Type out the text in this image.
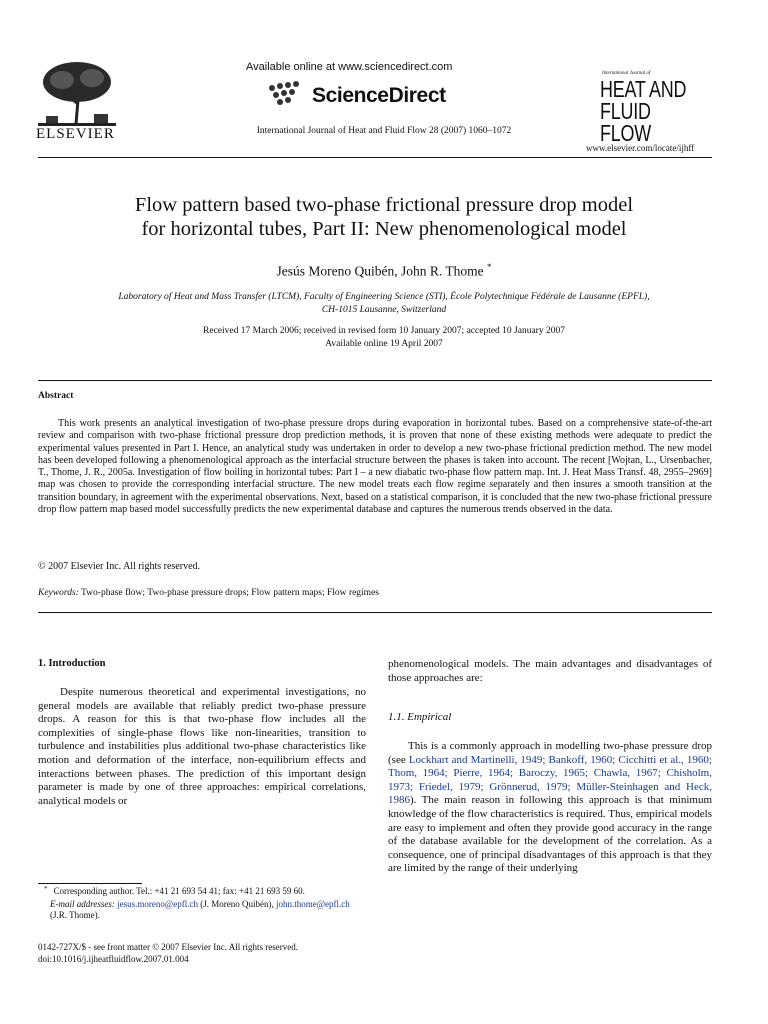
ELSEVIER
Available online at www.sciencedirect.com
ScienceDirect
International Journal of Heat and Fluid Flow 28 (2007) 1060–1072
International Journal of
HEAT AND
FLUID FLOW
www.elsevier.com/locate/ijhff
Flow pattern based two-phase frictional pressure drop model
for horizontal tubes, Part II: New phenomenological model
Jesús Moreno Quibén, John R. Thome *
Laboratory of Heat and Mass Transfer (LTCM), Faculty of Engineering Science (STI), École Polytechnique Fédérale de Lausanne (EPFL),
CH-1015 Lausanne, Switzerland
Received 17 March 2006; received in revised form 10 January 2007; accepted 10 January 2007
Available online 19 April 2007
Abstract

This work presents an analytical investigation of two-phase pressure drops during evaporation in horizontal tubes. Based on a comprehensive state-of-the-art review and comparison with two-phase frictional pressure drop prediction methods, it is proven that none of these existing methods were adequate to predict the experimental values presented in Part I. Hence, an analytical study was undertaken in order to develop a new two-phase frictional prediction method. The new model has been developed following a phenomenological approach as the interfacial structure between the phases is taken into account. The recent [Wojtan, L., Ursenbacher, T., Thome, J. R., 2005a. Investigation of flow boiling in horizontal tubes: Part I – a new diabatic two-phase flow pattern map. Int. J. Heat Mass Transf. 48, 2955–2969] map was chosen to provide the corresponding interfacial structure. The new model treats each flow regime separately and then insures a smooth transition at the transition boundary, in agreement with the experimental observations. Next, based on a statistical comparison, it is concluded that the new two-phase frictional pressure drop flow pattern map based model successfully predicts the new experimental database and captures the numerous trends observed in the data.

© 2007 Elsevier Inc. All rights reserved.
Keywords: Two-phase flow; Two-phase pressure drops; Flow pattern maps; Flow regimes
1. Introduction

Despite numerous theoretical and experimental investigations, no general models are available that reliably predict two-phase pressure drops. A reason for this is that two-phase flow includes all the complexities of single-phase flows like non-linearities, transition to turbulence and instabilities plus additional two-phase characteristics like motion and deformation of the interface, non-equilibrium effects and interactions between phases. The prediction of this important design parameter is made by one of three approaches: empirical correlations, analytical models or

* Corresponding author. Tel.: +41 21 693 54 41; fax: +41 21 693 59 60.
E-mail addresses: jesus.moreno@epfl.ch (J. Moreno Quibén), john.thome@epfl.ch (J.R. Thome).
0142-727X/$ - see front matter © 2007 Elsevier Inc. All rights reserved.
doi:10.1016/j.ijheatfluidflow.2007.01.004
phenomenological models. The main advantages and disadvantages of those approaches are:
1.1. Empirical

This is a commonly approach in modelling two-phase pressure drop (see Lockhart and Martinelli, 1949; Bankoff, 1960; Cicchitti et al., 1960; Thom, 1964; Pierre, 1964; Baroczy, 1965; Chawla, 1967; Chisholm, 1973; Friedel, 1979; Grönnerud, 1979; Müller-Steinhagen and Heck, 1986). The main reason in following this approach is that minimum knowledge of the flow characteristics is required. Thus, empirical models are easy to implement and often they provide good accuracy in the range of the database available for the development of the correlation. As a consequence, one of principal disadvantages of this approach is that they are limited by the range of their underlying
